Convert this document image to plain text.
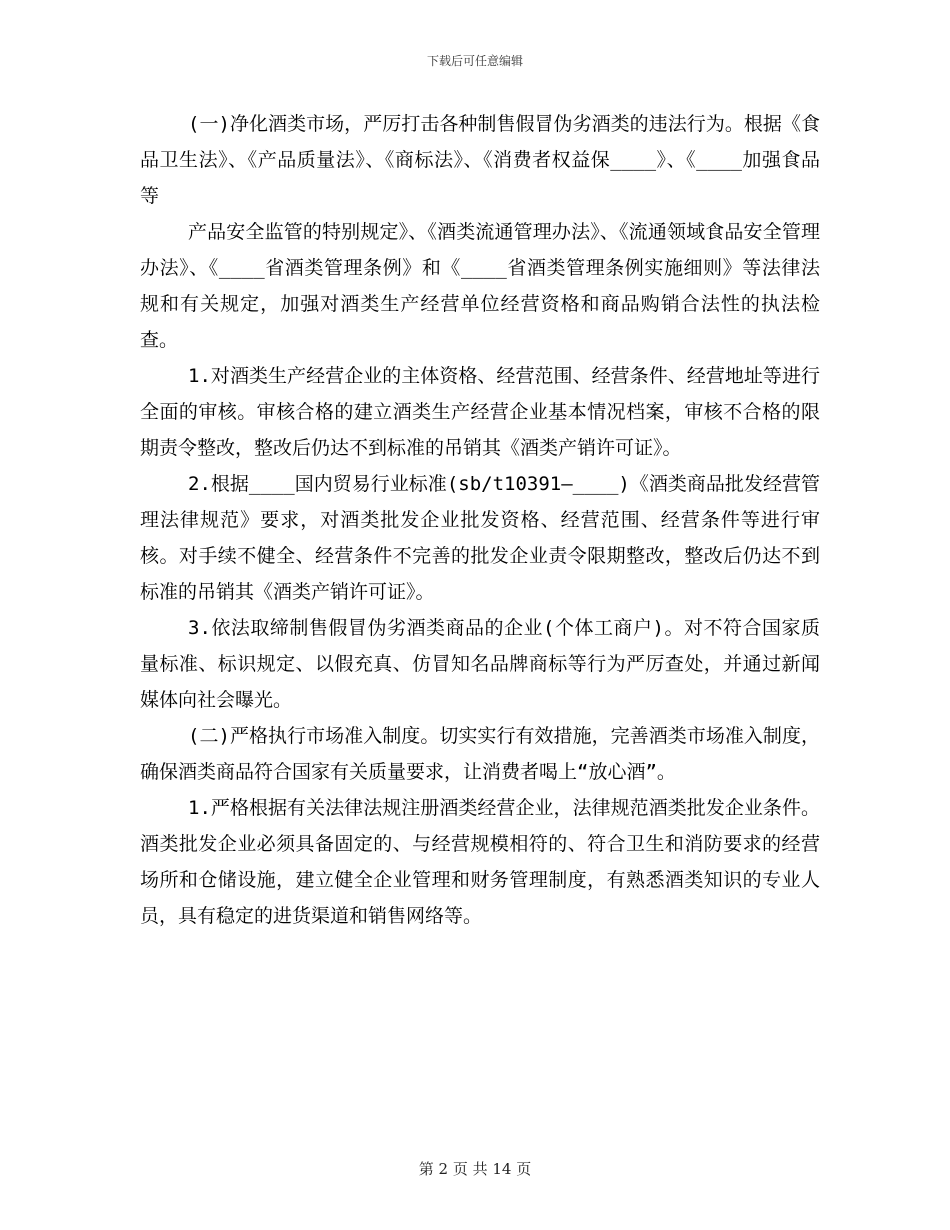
下载后可任意编辑

(一)净化酒类市场，严厉打击各种制售假冒伪劣酒类的违法行为。根据《食品卫生法》、《产品质量法》、《商标法》、《消费者权益保____》、《____加强食品等

产品安全监管的特别规定》、《酒类流通管理办法》、《流通领域食品安全管理办法》、《____省酒类管理条例》和《____省酒类管理条例实施细则》等法律法规和有关规定，加强对酒类生产经营单位经营资格和商品购销合法性的执法检查。

1.对酒类生产经营企业的主体资格、经营范围、经营条件、经营地址等进行全面的审核。审核合格的建立酒类生产经营企业基本情况档案，审核不合格的限期责令整改，整改后仍达不到标准的吊销其《酒类产销许可证》。

2.根据____国内贸易行业标准(sb/t10391—____)《酒类商品批发经营管理法律规范》要求，对酒类批发企业批发资格、经营范围、经营条件等进行审核。对手续不健全、经营条件不完善的批发企业责令限期整改，整改后仍达不到标准的吊销其《酒类产销许可证》。

3.依法取缔制售假冒伪劣酒类商品的企业(个体工商户)。对不符合国家质量标准、标识规定、以假充真、仿冒知名品牌商标等行为严厉查处，并通过新闻媒体向社会曝光。

(二)严格执行市场准入制度。切实实行有效措施，完善酒类市场准入制度，确保酒类商品符合国家有关质量要求，让消费者喝上“放心酒”。

1.严格根据有关法律法规注册酒类经营企业，法律规范酒类批发企业条件。酒类批发企业必须具备固定的、与经营规模相符的、符合卫生和消防要求的经营场所和仓储设施，建立健全企业管理和财务管理制度，有熟悉酒类知识的专业人员，具有稳定的进货渠道和销售网络等。

第 2 页 共 14 页
